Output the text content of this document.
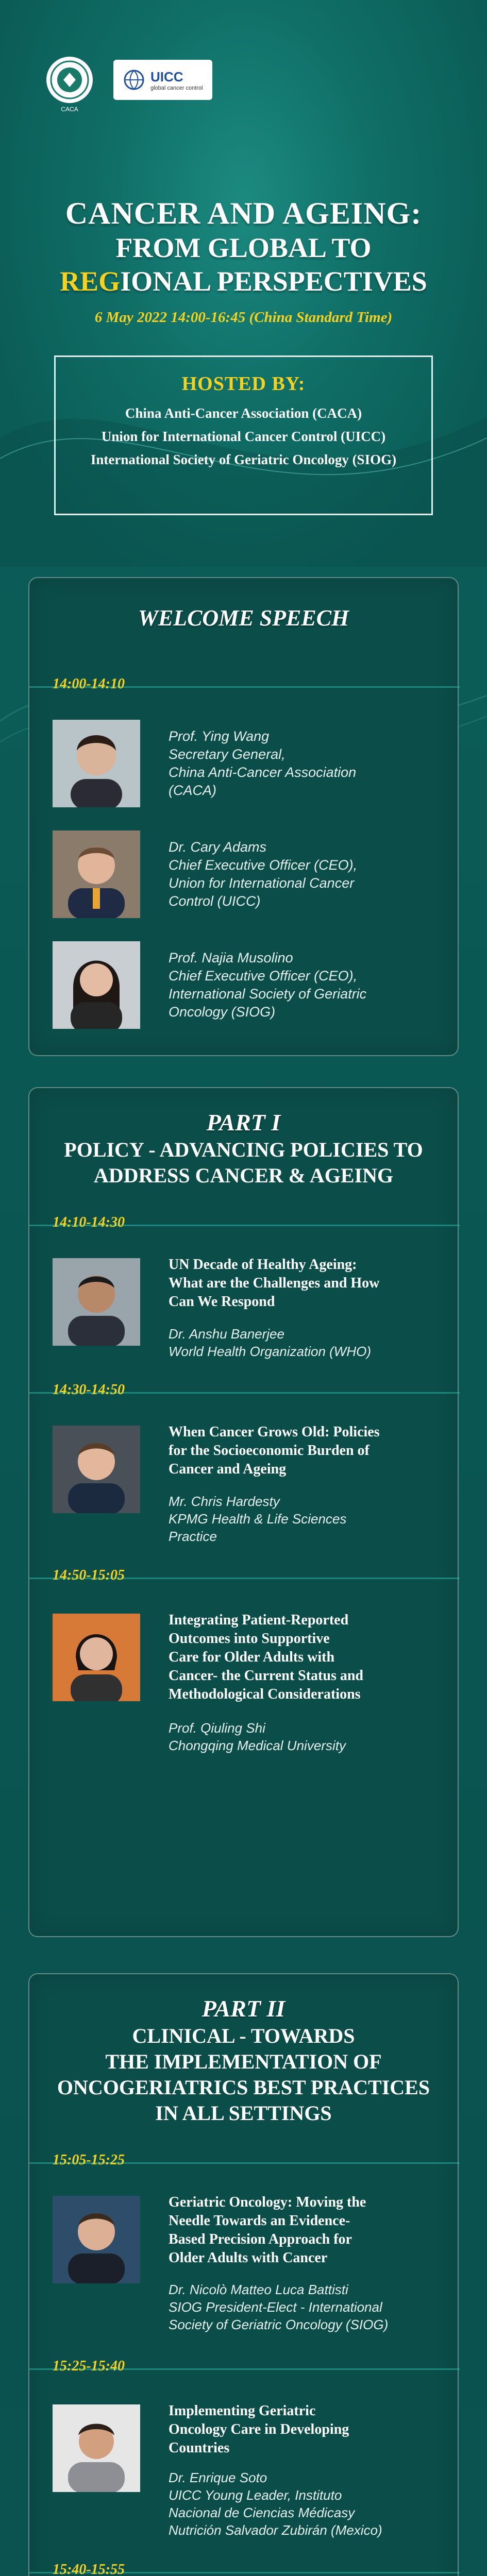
UICC
global cancer control
CANCER AND AGEING:
FROM GLOBAL TO
REGIONAL PERSPECTIVES
6 May 2022 14:00-16:45 (China Standard Time)
HOSTED BY:
China Anti-Cancer Association (CACA)
Union for International Cancer Control (UICC)
International Society of Geriatric Oncology (SIOG)
WELCOME SPEECH
14:00-14:10
Prof. Ying Wang
Secretary General,
China Anti-Cancer Association
(CACA)
Dr. Cary Adams
Chief Executive Officer (CEO),
Union for International Cancer
Control (UICC)
Prof. Najia Musolino
Chief Executive Officer (CEO),
International Society of Geriatric
Oncology (SIOG)
PART I
POLICY - ADVANCING POLICIES TO
ADDRESS CANCER & AGEING
14:10-14:30
UN Decade of Healthy Ageing:
What are the Challenges and How
Can We Respond
Dr. Anshu Banerjee
World Health Organization (WHO)
14:30-14:50
When Cancer Grows Old: Policies
for the Socioeconomic Burden of
Cancer and Ageing
Mr. Chris Hardesty
KPMG Health & Life Sciences
Practice
14:50-15:05
Integrating Patient-Reported
Outcomes into Supportive
Care for Older Adults with
Cancer- the Current Status and
Methodological Considerations
Prof. Qiuling Shi
Chongqing Medical University
PART II
CLINICAL - TOWARDS
THE IMPLEMENTATION OF
ONCOGERIATRICS BEST PRACTICES
IN ALL SETTINGS
15:05-15:25
Geriatric Oncology: Moving the
Needle Towards an Evidence-
Based Precision Approach for
Older Adults with Cancer
Dr. Nicolò Matteo Luca Battisti
SIOG President-Elect - International
Society of Geriatric Oncology (SIOG)
15:25-15:40
Implementing Geriatric
Oncology Care in Developing
Countries
Dr. Enrique Soto
UICC Young Leader, Instituto
Nacional de Ciencias Médicasy
Nutrición Salvador Zubirán (Mexico)
15:40-15:55
CACA
